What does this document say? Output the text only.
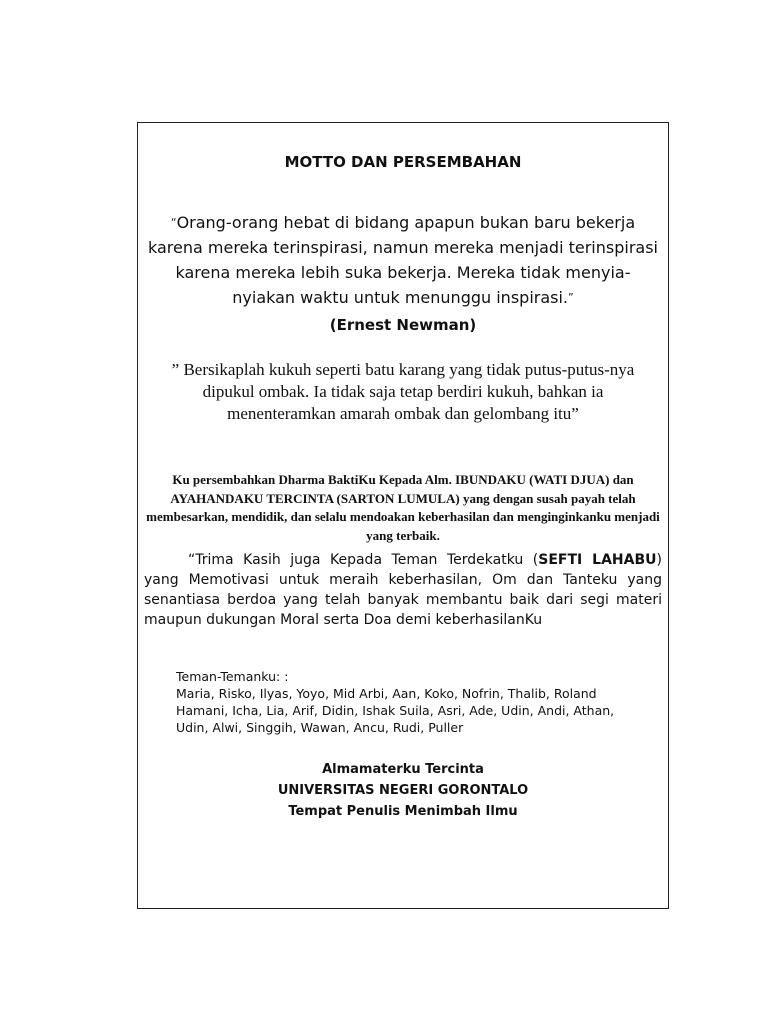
MOTTO DAN PERSEMBAHAN
“Orang-orang hebat di bidang apapun bukan baru bekerja karena mereka terinspirasi, namun mereka menjadi terinspirasi karena mereka lebih suka bekerja. Mereka tidak menyia-nyiakan waktu untuk menunggu inspirasi.”
(Ernest Newman)
” Bersikaplah kukuh seperti batu karang yang tidak putus-putus-nya dipukul ombak. Ia tidak saja tetap berdiri kukuh, bahkan ia menenteramkan amarah ombak dan gelombang itu”
Ku persembahkan Dharma BaktiKu Kepada Alm. IBUNDAKU (WATI DJUA) dan AYAHANDAKU TERCINTA (SARTON LUMULA) yang dengan susah payah telah membesarkan, mendidik, dan selalu mendoakan keberhasilan dan menginginkanku menjadi yang terbaik.
“Trima Kasih juga Kepada Teman Terdekatku (SEFTI LAHABU) yang Memotivasi untuk meraih keberhasilan, Om dan Tanteku yang senantiasa berdoa yang telah banyak membantu baik dari segi materi maupun dukungan Moral serta Doa demi keberhasilanKu
Teman-Temanku: :
Maria, Risko, Ilyas, Yoyo, Mid Arbi, Aan, Koko, Nofrin, Thalib, Roland
Hamani, Icha, Lia, Arif, Didin, Ishak Suila, Asri, Ade, Udin, Andi, Athan,
Udin, Alwi, Singgih, Wawan, Ancu, Rudi, Puller
Almamaterku Tercinta
UNIVERSITAS NEGERI GORONTALO
Tempat Penulis Menimbah Ilmu
